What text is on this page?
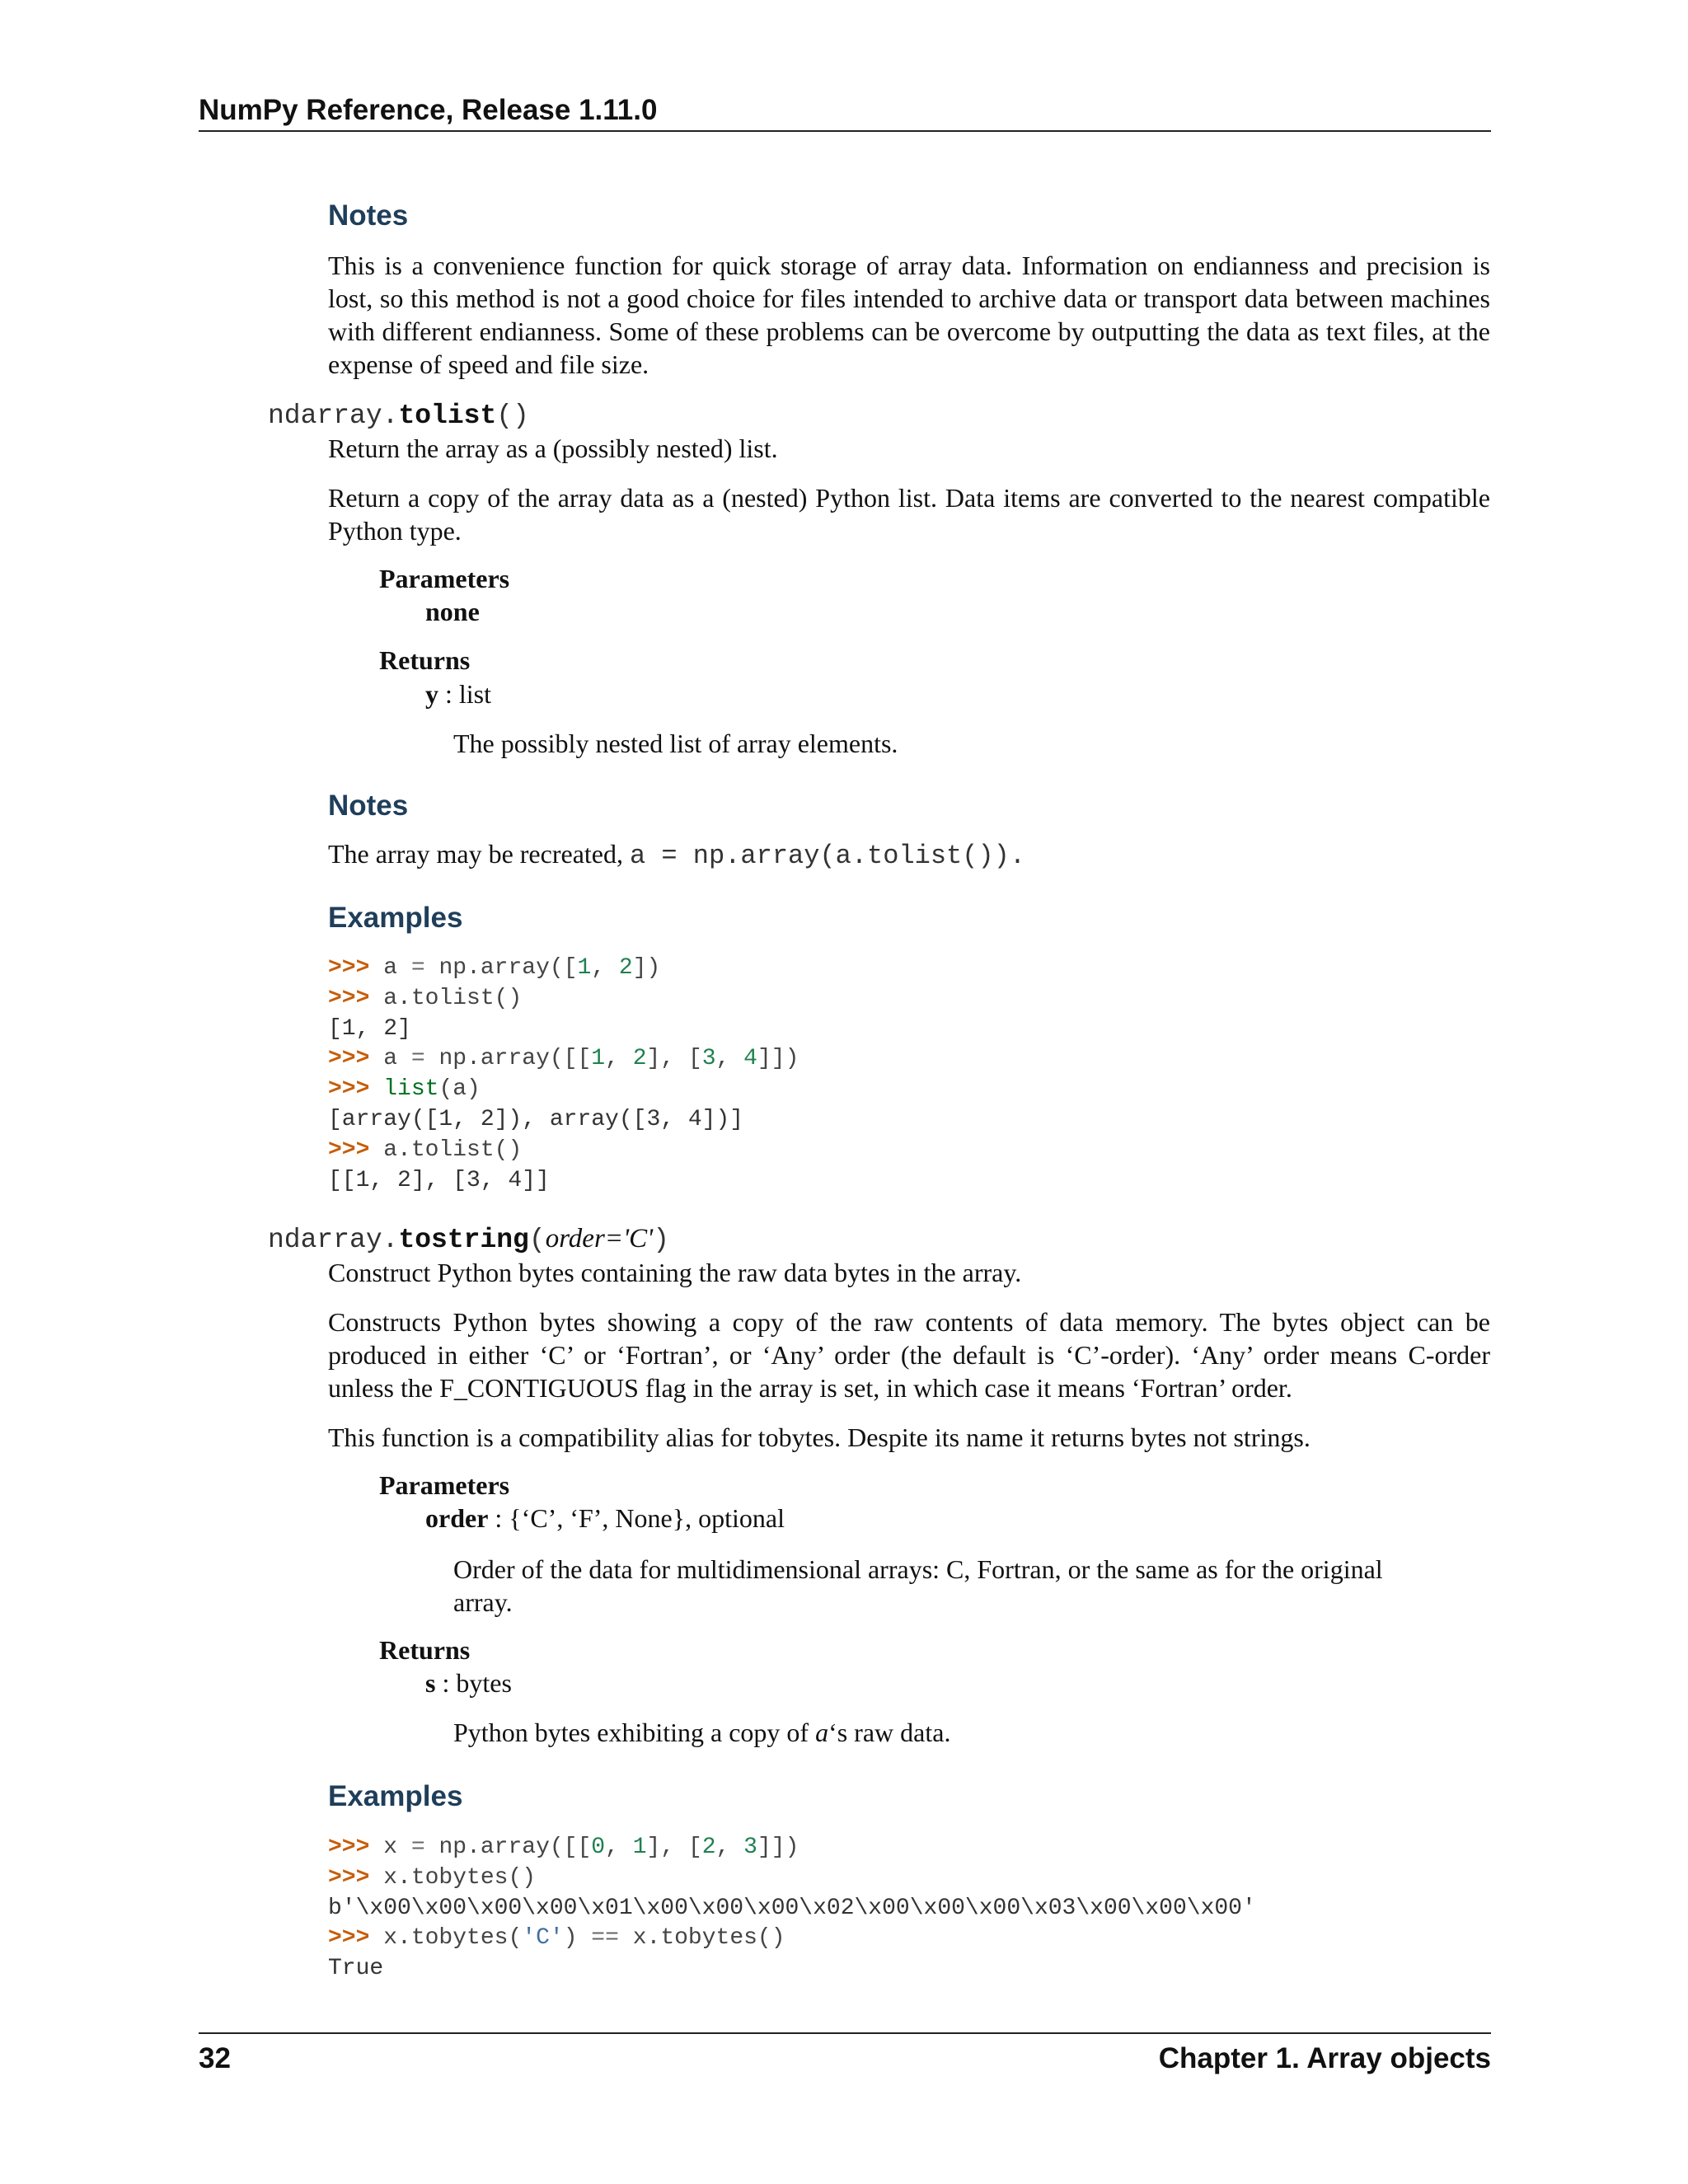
NumPy Reference, Release 1.11.0
Notes
This is a convenience function for quick storage of array data. Information on endianness and precision is lost, so this method is not a good choice for files intended to archive data or transport data between machines with different endianness. Some of these problems can be overcome by outputting the data as text files, at the expense of speed and file size.
ndarray.tolist()
Return the array as a (possibly nested) list.
Return a copy of the array data as a (nested) Python list. Data items are converted to the nearest compatible Python type.
Parameters
none
Returns
y : list
The possibly nested list of array elements.
Notes
The array may be recreated, a = np.array(a.tolist()).
Examples
>>> a = np.array([1, 2])
>>> a.tolist()
[1, 2]
>>> a = np.array([[1, 2], [3, 4]])
>>> list(a)
[array([1, 2]), array([3, 4])]
>>> a.tolist()
[[1, 2], [3, 4]]
ndarray.tostring(order='C')
Construct Python bytes containing the raw data bytes in the array.
Constructs Python bytes showing a copy of the raw contents of data memory. The bytes object can be produced in either ‘C’ or ‘Fortran’, or ‘Any’ order (the default is ‘C’-order). ‘Any’ order means C-order unless the F_CONTIGUOUS flag in the array is set, in which case it means ‘Fortran’ order.
This function is a compatibility alias for tobytes. Despite its name it returns bytes not strings.
Parameters
order : {‘C’, ‘F’, None}, optional
Order of the data for multidimensional arrays: C, Fortran, or the same as for the original array.
Returns
s : bytes
Python bytes exhibiting a copy of a‘s raw data.
Examples
>>> x = np.array([[0, 1], [2, 3]])
>>> x.tobytes()
b'\x00\x00\x00\x00\x01\x00\x00\x00\x02\x00\x00\x00\x03\x00\x00\x00'
>>> x.tobytes('C') == x.tobytes()
True
32	Chapter 1. Array objects
